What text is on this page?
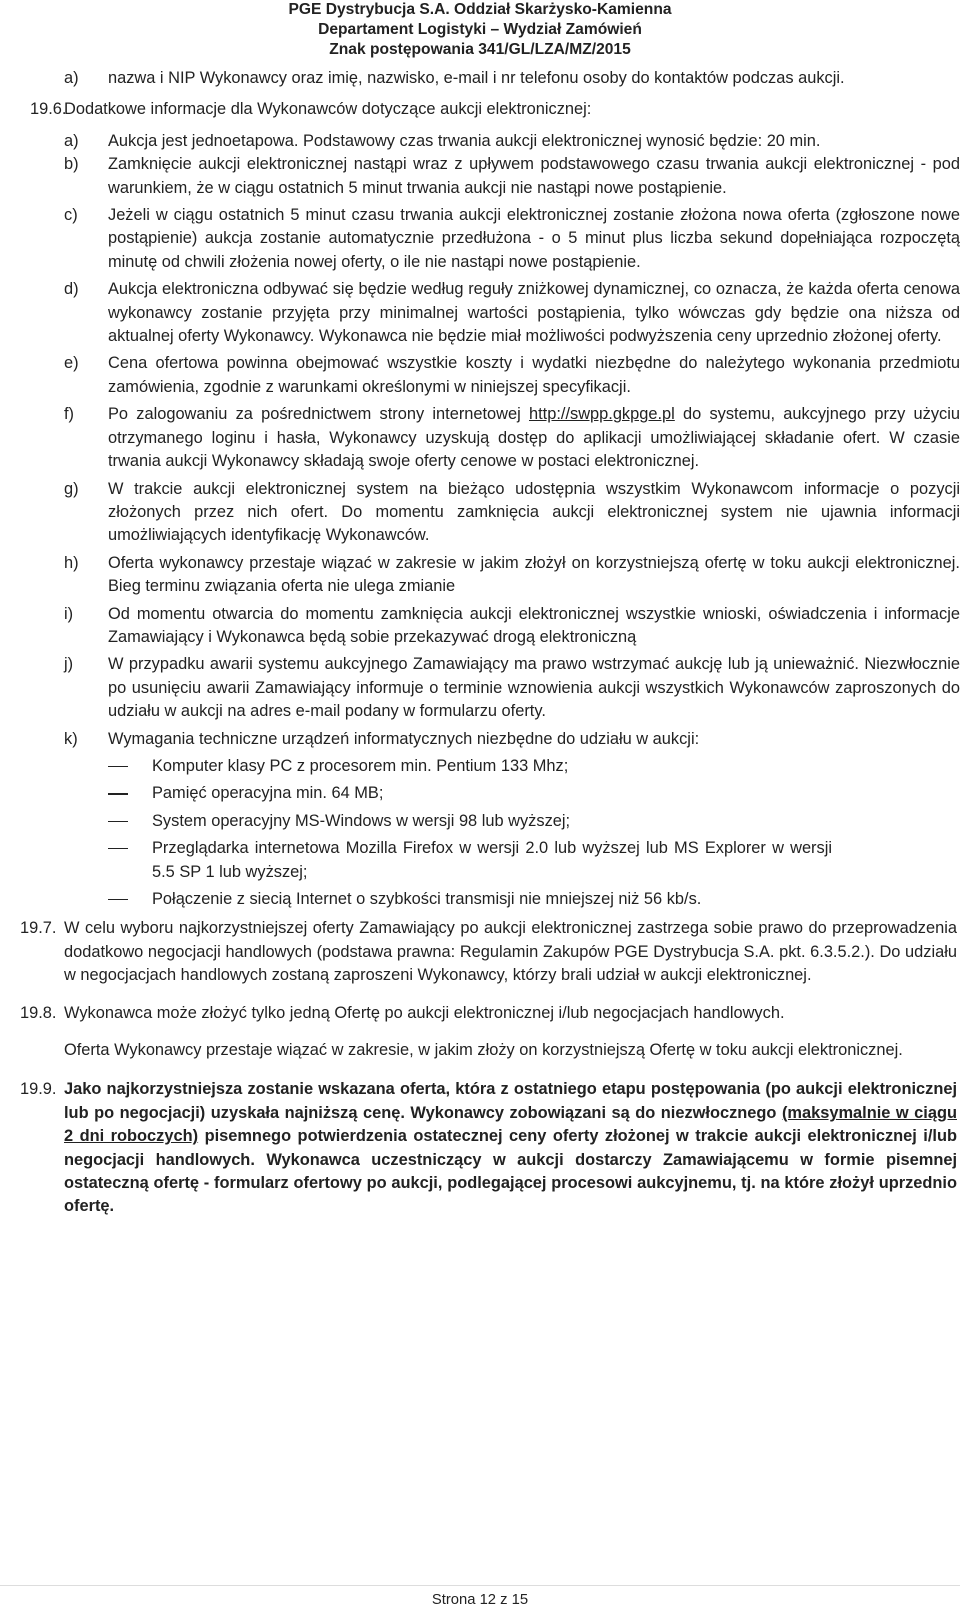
PGE Dystrybucja S.A. Oddział Skarżysko-Kamienna
Departament Logistyki – Wydział Zamówień
Znak postępowania 341/GL/LZA/MZ/2015
a)	nazwa i NIP Wykonawcy oraz imię, nazwisko, e-mail i nr telefonu osoby do kontaktów podczas aukcji.
19.6.
Dodatkowe informacje dla Wykonawców dotyczące aukcji elektronicznej:
a)	Aukcja jest jednoetapowa. Podstawowy czas trwania aukcji elektronicznej wynosić będzie: 20 min.
b)	Zamknięcie aukcji elektronicznej nastąpi wraz z upływem podstawowego czasu trwania aukcji elektronicznej - pod warunkiem, że w ciągu ostatnich 5 minut trwania aukcji nie nastąpi nowe postąpienie.
c)	Jeżeli w ciągu ostatnich 5 minut czasu trwania aukcji elektronicznej zostanie złożona nowa oferta (zgłoszone nowe postąpienie) aukcja zostanie automatycznie przedłużona - o 5 minut plus liczba sekund dopełniająca rozpoczętą minutę od chwili złożenia nowej oferty, o ile nie nastąpi nowe postąpienie.
d)	Aukcja elektroniczna odbywać się będzie według reguły zniżkowej dynamicznej, co oznacza, że każda oferta cenowa wykonawcy zostanie przyjęta przy minimalnej wartości postąpienia, tylko wówczas gdy będzie ona niższa od aktualnej oferty Wykonawcy. Wykonawca nie będzie miał możliwości podwyższenia ceny uprzednio złożonej oferty.
e)	Cena ofertowa powinna obejmować wszystkie koszty i wydatki niezbędne do należytego wykonania przedmiotu zamówienia, zgodnie z warunkami określonymi w niniejszej specyfikacji.
f)	Po zalogowaniu za pośrednictwem strony internetowej http://swpp.gkpge.pl do systemu, aukcyjnego przy użyciu otrzymanego loginu i hasła, Wykonawcy uzyskują dostęp do aplikacji umożliwiającej składanie ofert. W czasie trwania aukcji Wykonawcy składają swoje oferty cenowe w postaci elektronicznej.
g)	W trakcie aukcji elektronicznej system na bieżąco udostępnia wszystkim Wykonawcom informacje o pozycji złożonych przez nich ofert. Do momentu zamknięcia aukcji elektronicznej system nie ujawnia informacji umożliwiających identyfikację Wykonawców.
h)	Oferta wykonawcy przestaje wiązać w zakresie w jakim złożył on korzystniejszą ofertę w toku aukcji elektronicznej. Bieg terminu związania oferta nie ulega zmianie
i)	Od momentu otwarcia do momentu zamknięcia aukcji elektronicznej wszystkie wnioski, oświadczenia i informacje Zamawiający i Wykonawca będą sobie przekazywać drogą elektroniczną
j)	W przypadku awarii systemu aukcyjnego Zamawiający ma prawo wstrzymać aukcję lub ją unieważnić. Niezwłocznie po usunięciu awarii Zamawiający informuje o terminie wznowienia aukcji wszystkich Wykonawców zaproszonych do udziału w aukcji na adres e-mail podany w formularzu oferty.
k)	Wymagania techniczne urządzeń informatycznych niezbędne do udziału w aukcji:
Komputer klasy PC z procesorem min. Pentium 133 Mhz;
Pamięć operacyjna min. 64 MB;
System operacyjny MS-Windows w wersji 98 lub wyższej;
Przeglądarka internetowa Mozilla Firefox w wersji 2.0 lub wyższej lub MS Explorer w wersji 5.5 SP 1 lub wyższej;
Połączenie z siecią Internet o szybkości transmisji nie mniejszej niż 56 kb/s.
19.7. W celu wyboru najkorzystniejszej oferty Zamawiający po aukcji elektronicznej zastrzega sobie prawo do przeprowadzenia dodatkowo negocjacji handlowych (podstawa prawna: Regulamin Zakupów PGE Dystrybucja S.A. pkt. 6.3.5.2.). Do udziału w negocjacjach handlowych zostaną zaproszeni Wykonawcy, którzy brali udział w aukcji elektronicznej.
19.8. Wykonawca może złożyć tylko jedną Ofertę po aukcji elektronicznej i/lub negocjacjach handlowych.
Oferta Wykonawcy przestaje wiązać w zakresie, w jakim złoży on korzystniejszą Ofertę w toku aukcji elektronicznej.
19.9. Jako najkorzystniejsza zostanie wskazana oferta, która z ostatniego etapu postępowania (po aukcji elektronicznej lub po negocjacji) uzyskała najniższą cenę. Wykonawcy zobowiązani są do niezwłocznego (maksymalnie w ciągu 2 dni roboczych) pisemnego potwierdzenia ostatecznej ceny oferty złożonej w trakcie aukcji elektronicznej i/lub negocjacji handlowych. Wykonawca uczestniczący w aukcji dostarczy Zamawiającemu w formie pisemnej ostateczną ofertę - formularz ofertowy po aukcji, podlegającej procesowi aukcyjnemu, tj. na które złożył uprzednio ofertę.
Strona 12 z 15
